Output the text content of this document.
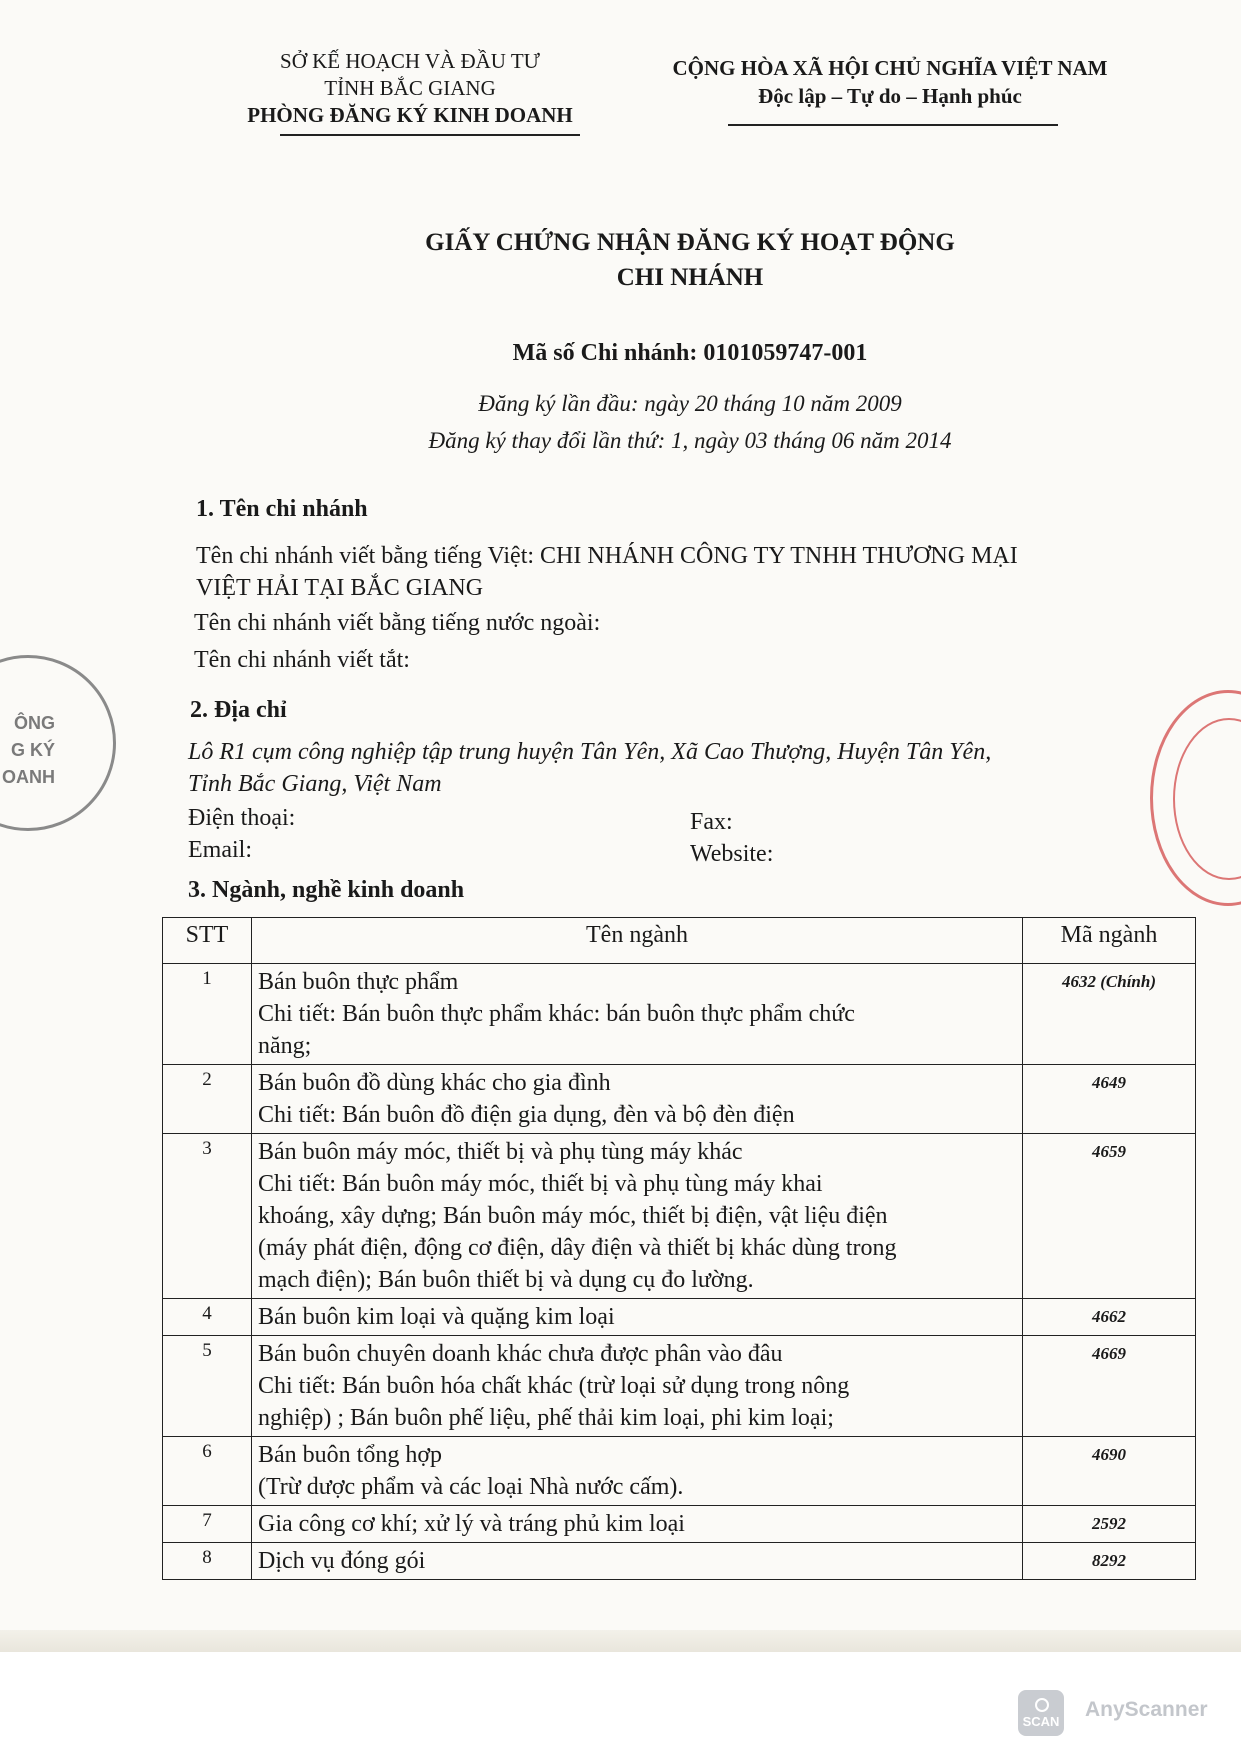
SỞ KẾ HOẠCH VÀ ĐẦU TƯ
TỈNH BẮC GIANG
PHÒNG ĐĂNG KÝ KINH DOANH
CỘNG HÒA XÃ HỘI CHỦ NGHĨA VIỆT NAM
Độc lập – Tự do – Hạnh phúc
GIẤY CHỨNG NHẬN ĐĂNG KÝ HOẠT ĐỘNG
CHI NHÁNH
Mã số Chi nhánh: 0101059747-001
Đăng ký lần đầu: ngày 20 tháng 10 năm 2009
Đăng ký thay đổi lần thứ: 1, ngày 03 tháng 06 năm 2014
1. Tên chi nhánh
Tên chi nhánh viết bằng tiếng Việt: CHI NHÁNH CÔNG TY TNHH THƯƠNG MẠI
VIỆT HẢI TẠI BẮC GIANG
Tên chi nhánh viết bằng tiếng nước ngoài:
Tên chi nhánh viết tắt:
2. Địa chỉ
Lô R1 cụm công nghiệp tập trung huyện Tân Yên, Xã Cao Thượng, Huyện Tân Yên,
Tỉnh Bắc Giang, Việt Nam
Điện thoại:	Fax:
Email:	Website:
3. Ngành, nghề kinh doanh
STT	Tên ngành	Mã ngành
1	Bán buôn thực phẩm
Chi tiết: Bán buôn thực phẩm khác: bán buôn thực phẩm chức
năng;	4632 (Chính)
2	Bán buôn đồ dùng khác cho gia đình
Chi tiết: Bán buôn đồ điện gia dụng, đèn và bộ đèn điện	4649
3	Bán buôn máy móc, thiết bị và phụ tùng máy khác
Chi tiết: Bán buôn máy móc, thiết bị và phụ tùng máy khai
khoáng, xây dựng; Bán buôn máy móc, thiết bị điện, vật liệu điện
(máy phát điện, động cơ điện, dây điện và thiết bị khác dùng trong
mạch điện); Bán buôn thiết bị và dụng cụ đo lường.	4659
4	Bán buôn kim loại và quặng kim loại	4662
5	Bán buôn chuyên doanh khác chưa được phân vào đâu
Chi tiết: Bán buôn hóa chất khác (trừ loại sử dụng trong nông
nghiệp) ; Bán buôn phế liệu, phế thải kim loại, phi kim loại;	4669
6	Bán buôn tổng hợp
(Trừ dược phẩm và các loại Nhà nước cấm).	4690
7	Gia công cơ khí; xử lý và tráng phủ kim loại	2592
8	Dịch vụ đóng gói	8292
ÔNG
G KÝ
OANH
SCAN
AnyScanner
